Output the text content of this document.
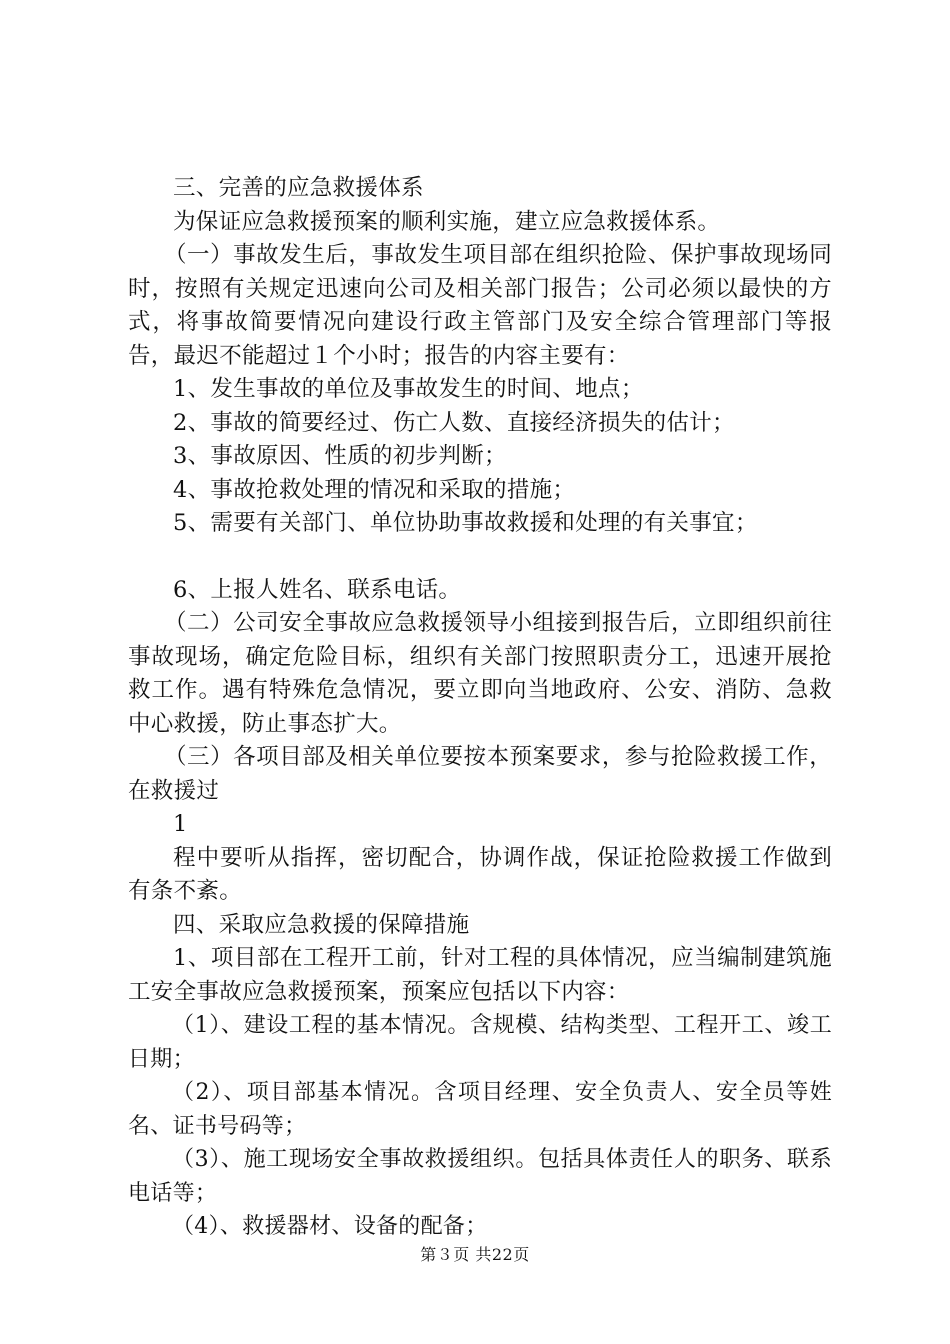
三、完善的应急救援体系

为保证应急救援预案的顺利实施，建立应急救援体系。

（一）事故发生后，事故发生项目部在组织抢险、保护事故现场同时，按照有关规定迅速向公司及相关部门报告；公司必须以最快的方式，将事故简要情况向建设行政主管部门及安全综合管理部门等报告，最迟不能超过１个小时；报告的内容主要有：

1、发生事故的单位及事故发生的时间、地点；

2、事故的简要经过、伤亡人数、直接经济损失的估计；

3、事故原因、性质的初步判断；

4、事故抢救处理的情况和采取的措施；

5、需要有关部门、单位协助事故救援和处理的有关事宜；

6、上报人姓名、联系电话。

（二）公司安全事故应急救援领导小组接到报告后，立即组织前往事故现场，确定危险目标，组织有关部门按照职责分工，迅速开展抢救工作。遇有特殊危急情况，要立即向当地政府、公安、消防、急救中心救援，防止事态扩大。

（三）各项目部及相关单位要按本预案要求，参与抢险救援工作，在救援过

1

程中要听从指挥，密切配合，协调作战，保证抢险救援工作做到有条不紊。

四、采取应急救援的保障措施

1、项目部在工程开工前，针对工程的具体情况，应当编制建筑施工安全事故应急救援预案，预案应包括以下内容：

（1）、建设工程的基本情况。含规模、结构类型、工程开工、竣工日期；

（2）、项目部基本情况。含项目经理、安全负责人、安全员等姓名、证书号码等；

（3）、施工现场安全事故救援组织。包括具体责任人的职务、联系电话等；

（4）、救援器材、设备的配备；

第３页 共22页
